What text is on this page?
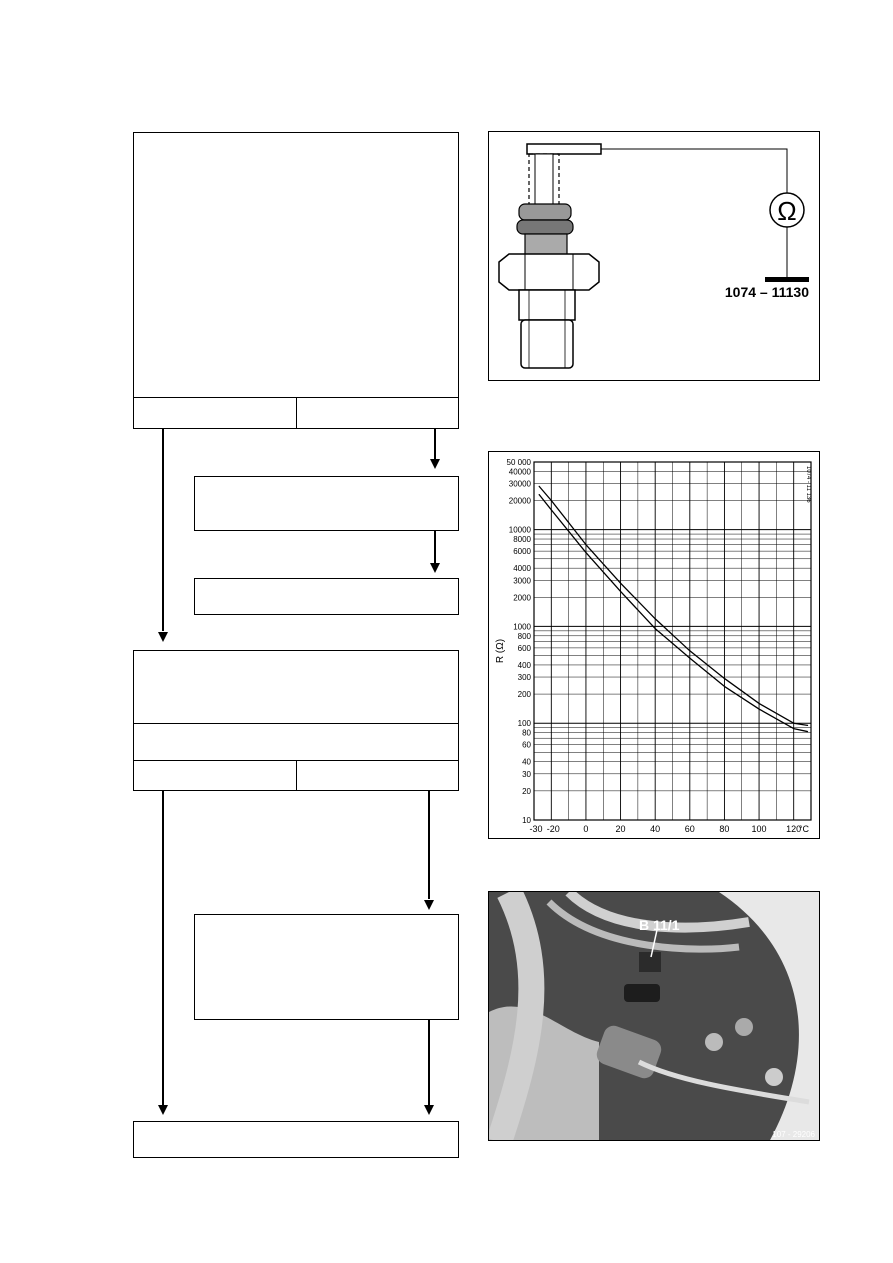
Ω
1074 – 11130
50 000
40000
30000
20000
10000
8000
6000
4000
3000
2000
1000
800
600
400
300
200
100
80
60
40
30
20
10
-30 -20	0	20	40	60	80 100 120
°C
R (Ω)
1074 - 11 136
B 11/1
107 - 29206
